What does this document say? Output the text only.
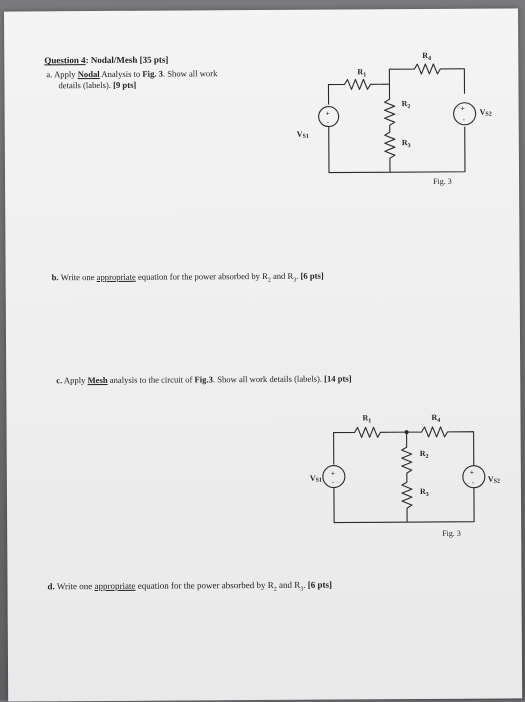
Question 4: Nodal/Mesh [35 pts]
a. Apply Nodal Analysis to Fig. 3. Show all work
details (labels). [9 pts]
$R_1$
$R_4$
$R_2$
$R_3$
VS1
VS2
+
-
+
-
Fig. 3
b. Write one appropriate equation for the power absorbed by $R_2$ and $R_3$. [6 pts]
c. Apply Mesh analysis to the circuit of Fig.3. Show all work details (labels). [14 pts]
$R_1$	$R_4$
$R_2$
$R_3$
VS1	VS2
+
-
+
-
Fig. 3
d. Write one appropriate equation for the power absorbed by $R_2$ and $R_3$. [6 pts]
